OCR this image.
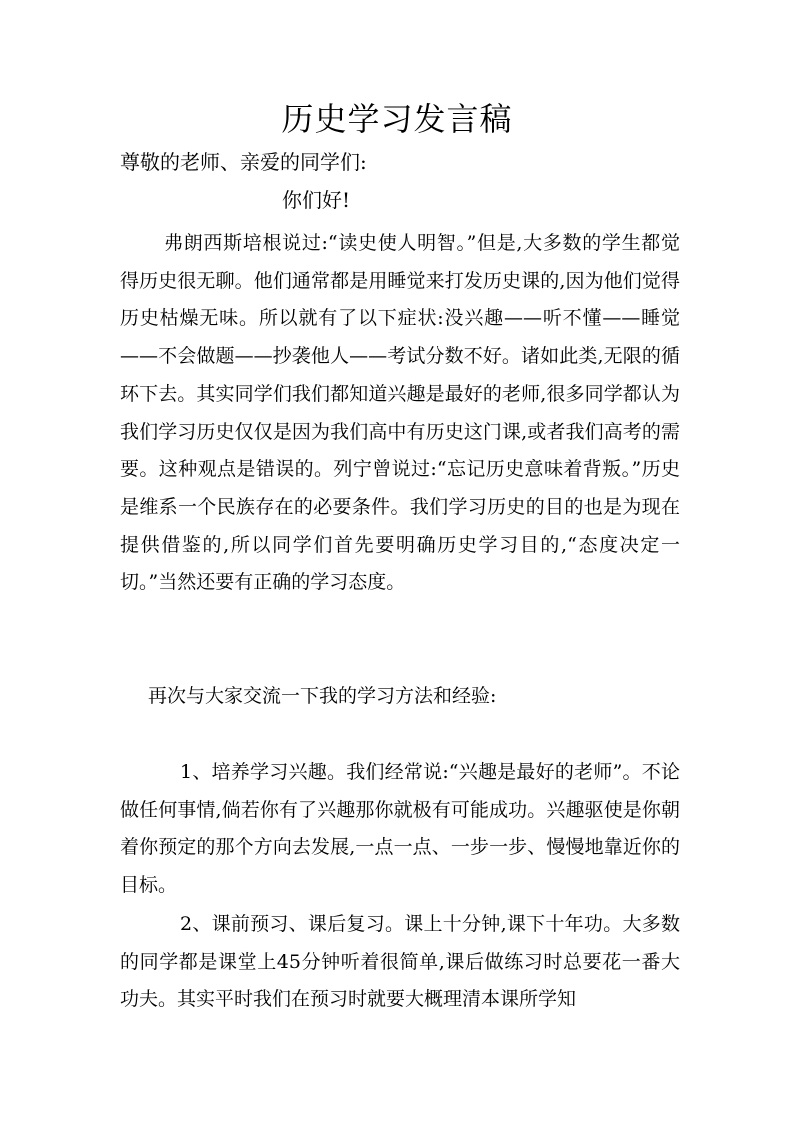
历史学习发言稿

尊敬的老师、亲爱的同学们:

你们好!

弗朗西斯培根说过:“读史使人明智。”但是,大多数的学生都觉得历史很无聊。他们通常都是用睡觉来打发历史课的,因为他们觉得历史枯燥无味。所以就有了以下症状:没兴趣——听不懂——睡觉——不会做题——抄袭他人——考试分数不好。诸如此类,无限的循环下去。其实同学们我们都知道兴趣是最好的老师,很多同学都认为我们学习历史仅仅是因为我们高中有历史这门课,或者我们高考的需要。这种观点是错误的。列宁曾说过:“忘记历史意味着背叛。”历史是维系一个民族存在的必要条件。我们学习历史的目的也是为现在提供借鉴的,所以同学们首先要明确历史学习目的,“态度决定一切。”当然还要有正确的学习态度。

再次与大家交流一下我的学习方法和经验:

1、培养学习兴趣。我们经常说:“兴趣是最好的老师”。不论做任何事情,倘若你有了兴趣那你就极有可能成功。兴趣驱使是你朝着你预定的那个方向去发展,一点一点、一步一步、慢慢地靠近你的目标。

2、课前预习、课后复习。课上十分钟,课下十年功。大多数的同学都是课堂上45分钟听着很简单,课后做练习时总要花一番大功夫。其实平时我们在预习时就要大概理清本课所学知
